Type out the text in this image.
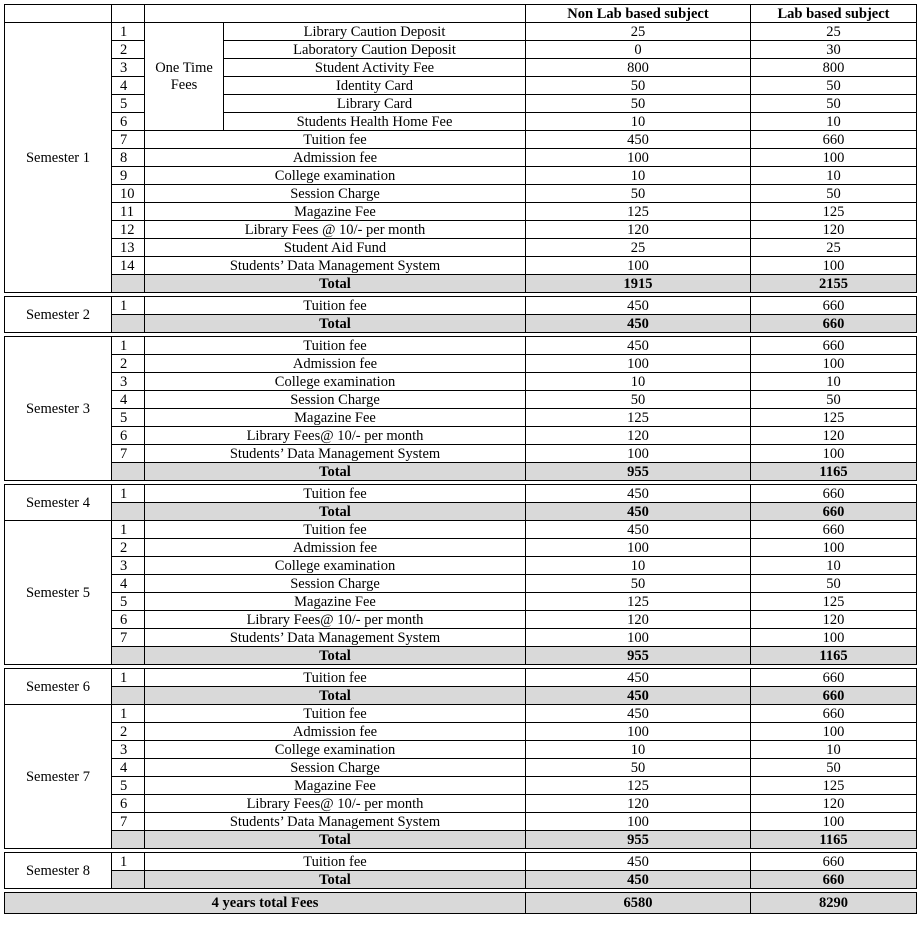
				Non Lab based subject	Lab based subject
Semester 1	1	One Time Fees	Library Caution Deposit	25	25
	2		Laboratory Caution Deposit	0	30
	3		Student Activity Fee	800	800
	4		Identity Card	50	50
	5		Library Card	50	50
	6		Students Health Home Fee	10	10
	7	Tuition fee		450	660
	8	Admission fee		100	100
	9	College examination		10	10
	10	Session Charge		50	50
	11	Magazine Fee		125	125
	12	Library Fees @ 10/- per month		120	120
	13	Student Aid Fund		25	25
	14	Students’ Data Management System		100	100
		Total		1915	2155

Semester 2	1	Tuition fee		450	660
		Total		450	660

Semester 3	1	Tuition fee		450	660
	2	Admission fee		100	100
	3	College examination		10	10
	4	Session Charge		50	50
	5	Magazine Fee		125	125
	6	Library Fees@ 10/- per month		120	120
	7	Students’ Data Management System		100	100
		Total		955	1165

Semester 4	1	Tuition fee		450	660
		Total		450	660
Semester 5	1	Tuition fee		450	660
	2	Admission fee		100	100
	3	College examination		10	10
	4	Session Charge		50	50
	5	Magazine Fee		125	125
	6	Library Fees@ 10/- per month		120	120
	7	Students’ Data Management System		100	100
		Total		955	1165

Semester 6	1	Tuition fee		450	660
		Total		450	660
Semester 7	1	Tuition fee		450	660
	2	Admission fee		100	100
	3	College examination		10	10
	4	Session Charge		50	50
	5	Magazine Fee		125	125
	6	Library Fees@ 10/- per month		120	120
	7	Students’ Data Management System		100	100
		Total		955	1165

Semester 8	1	Tuition fee		450	660
		Total		450	660

4 years total Fees				6580	8290
